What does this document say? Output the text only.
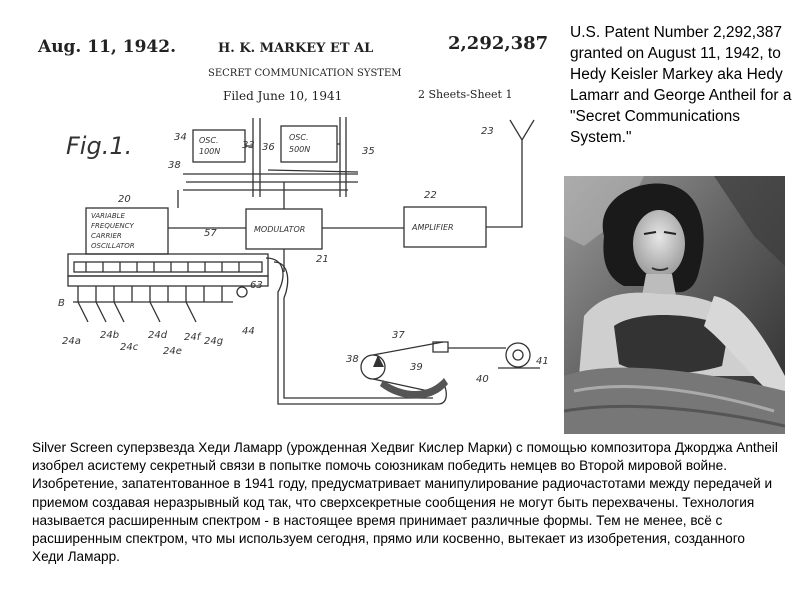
Aug. 11, 1942.	H. K. MARKEY ET AL	2,292,387
SECRET COMMUNICATION SYSTEM
Filed June 10, 1941	2 Sheets-Sheet 1
Fig.1.	OSC.
100N
OSC.
500N
VARIABLE
FREQUENCY
CARRIER
OSCILLATOR
MODULATOR	AMPLIFIER
34
33 36	35
23
38
20	22
57
21
63
44	37
38
39
40
41
24a
24b
24c
24d
24e
24f 24g
B
U.S. Patent Number 2,292,387 granted on August 11, 1942, to Hedy Keisler Markey aka Hedy Lamarr and George Antheil for a "Secret Communications System."

Silver Screen суперзвезда Хеди Ламарр (урожденная Хедвиг Кислер Марки) с помощью композитора Джорджа Antheil изобрел асистему секретный связи в попытке помочь союзникам победить немцев во Второй мировой войне. Изобретение, запатентованное в 1941 году, предусматривает манипулирование радиочастотами между передачей и приемом создавая неразрывный код так, что сверхсекретные сообщения не могут быть перехвачены. Технология называется расширенным спектром - в настоящее время принимает различные формы. Тем не менее, всё с расширенным спектром, что мы используем сегодня, прямо или косвенно, вытекает из изобретения, созданного Хеди Ламарр.
